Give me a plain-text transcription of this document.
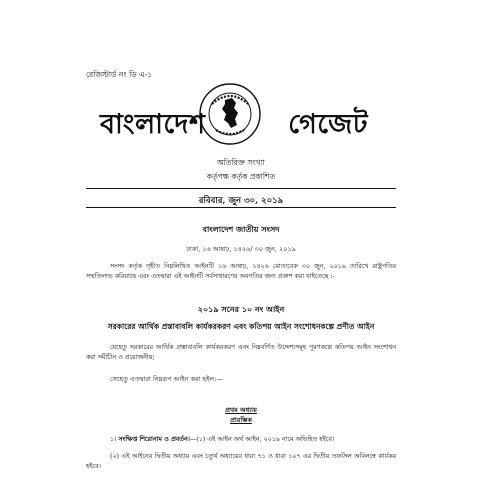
রেজিস্টার্ড নং ডি এ-১
বাংলাদেশ	গেজেট
অতিরিক্ত সংখ্যা
কর্তৃপক্ষ কর্তৃক প্রকাশিত
রবিবার, জুন ৩০, ২০১৯
বাংলাদেশ জাতীয় সংসদ
ঢাকা, ১৬ আষাঢ়, ১৪২৬/ ৩০ জুন, ২০১৯
সংসদ কর্তৃক গৃহীত নিম্নলিখিত আইনটি ১৬ আষাঢ়, ১৪২৬ মোতাবেক ৩০ জুন, ২০১৯ তারিখে রাষ্ট্রপতির সম্মতিলাভ করিয়াছে এবং এতদ্বারা এই আইনটি সর্বসাধারণের অবগতির জন্য প্রকাশ করা যাইতেছে :-
২০১৯ সনের ১০ নং আইন
সরকারের আর্থিক প্রস্তাবাবলি কার্যকরকরণ এবং কতিপয় আইন সংশোধনকল্পে প্রণীত আইন
যেহেতু সরকারের আর্থিক প্রস্তাবাবলি কার্যকরকরণ এবং নিম্নবর্ণিত উদ্দেশ্যসমূহ পূরণকল্পে কতিপয় আইন সংশোধন করা সমীচীন ও প্রয়োজনীয়;
সেহেতু এতদ্বারা নিম্নরূপ আইন করা হইল:—
প্রথম অধ্যায়
প্রারম্ভিক
১। সংক্ষিপ্ত শিরোনাম ও প্রবর্তন।—(১) এই আইন অর্থ আইন, ২০১৯ নামে অভিহিত হইবে।
(২) এই আইনের দ্বিতীয় অধ্যায় এবং চতুর্থ অধ্যায়ের ধারা ৭১ ও ধারা ১০৭ এর দ্বিতীয় তফসিল অবিলম্বে কার্যকর হইবে।
